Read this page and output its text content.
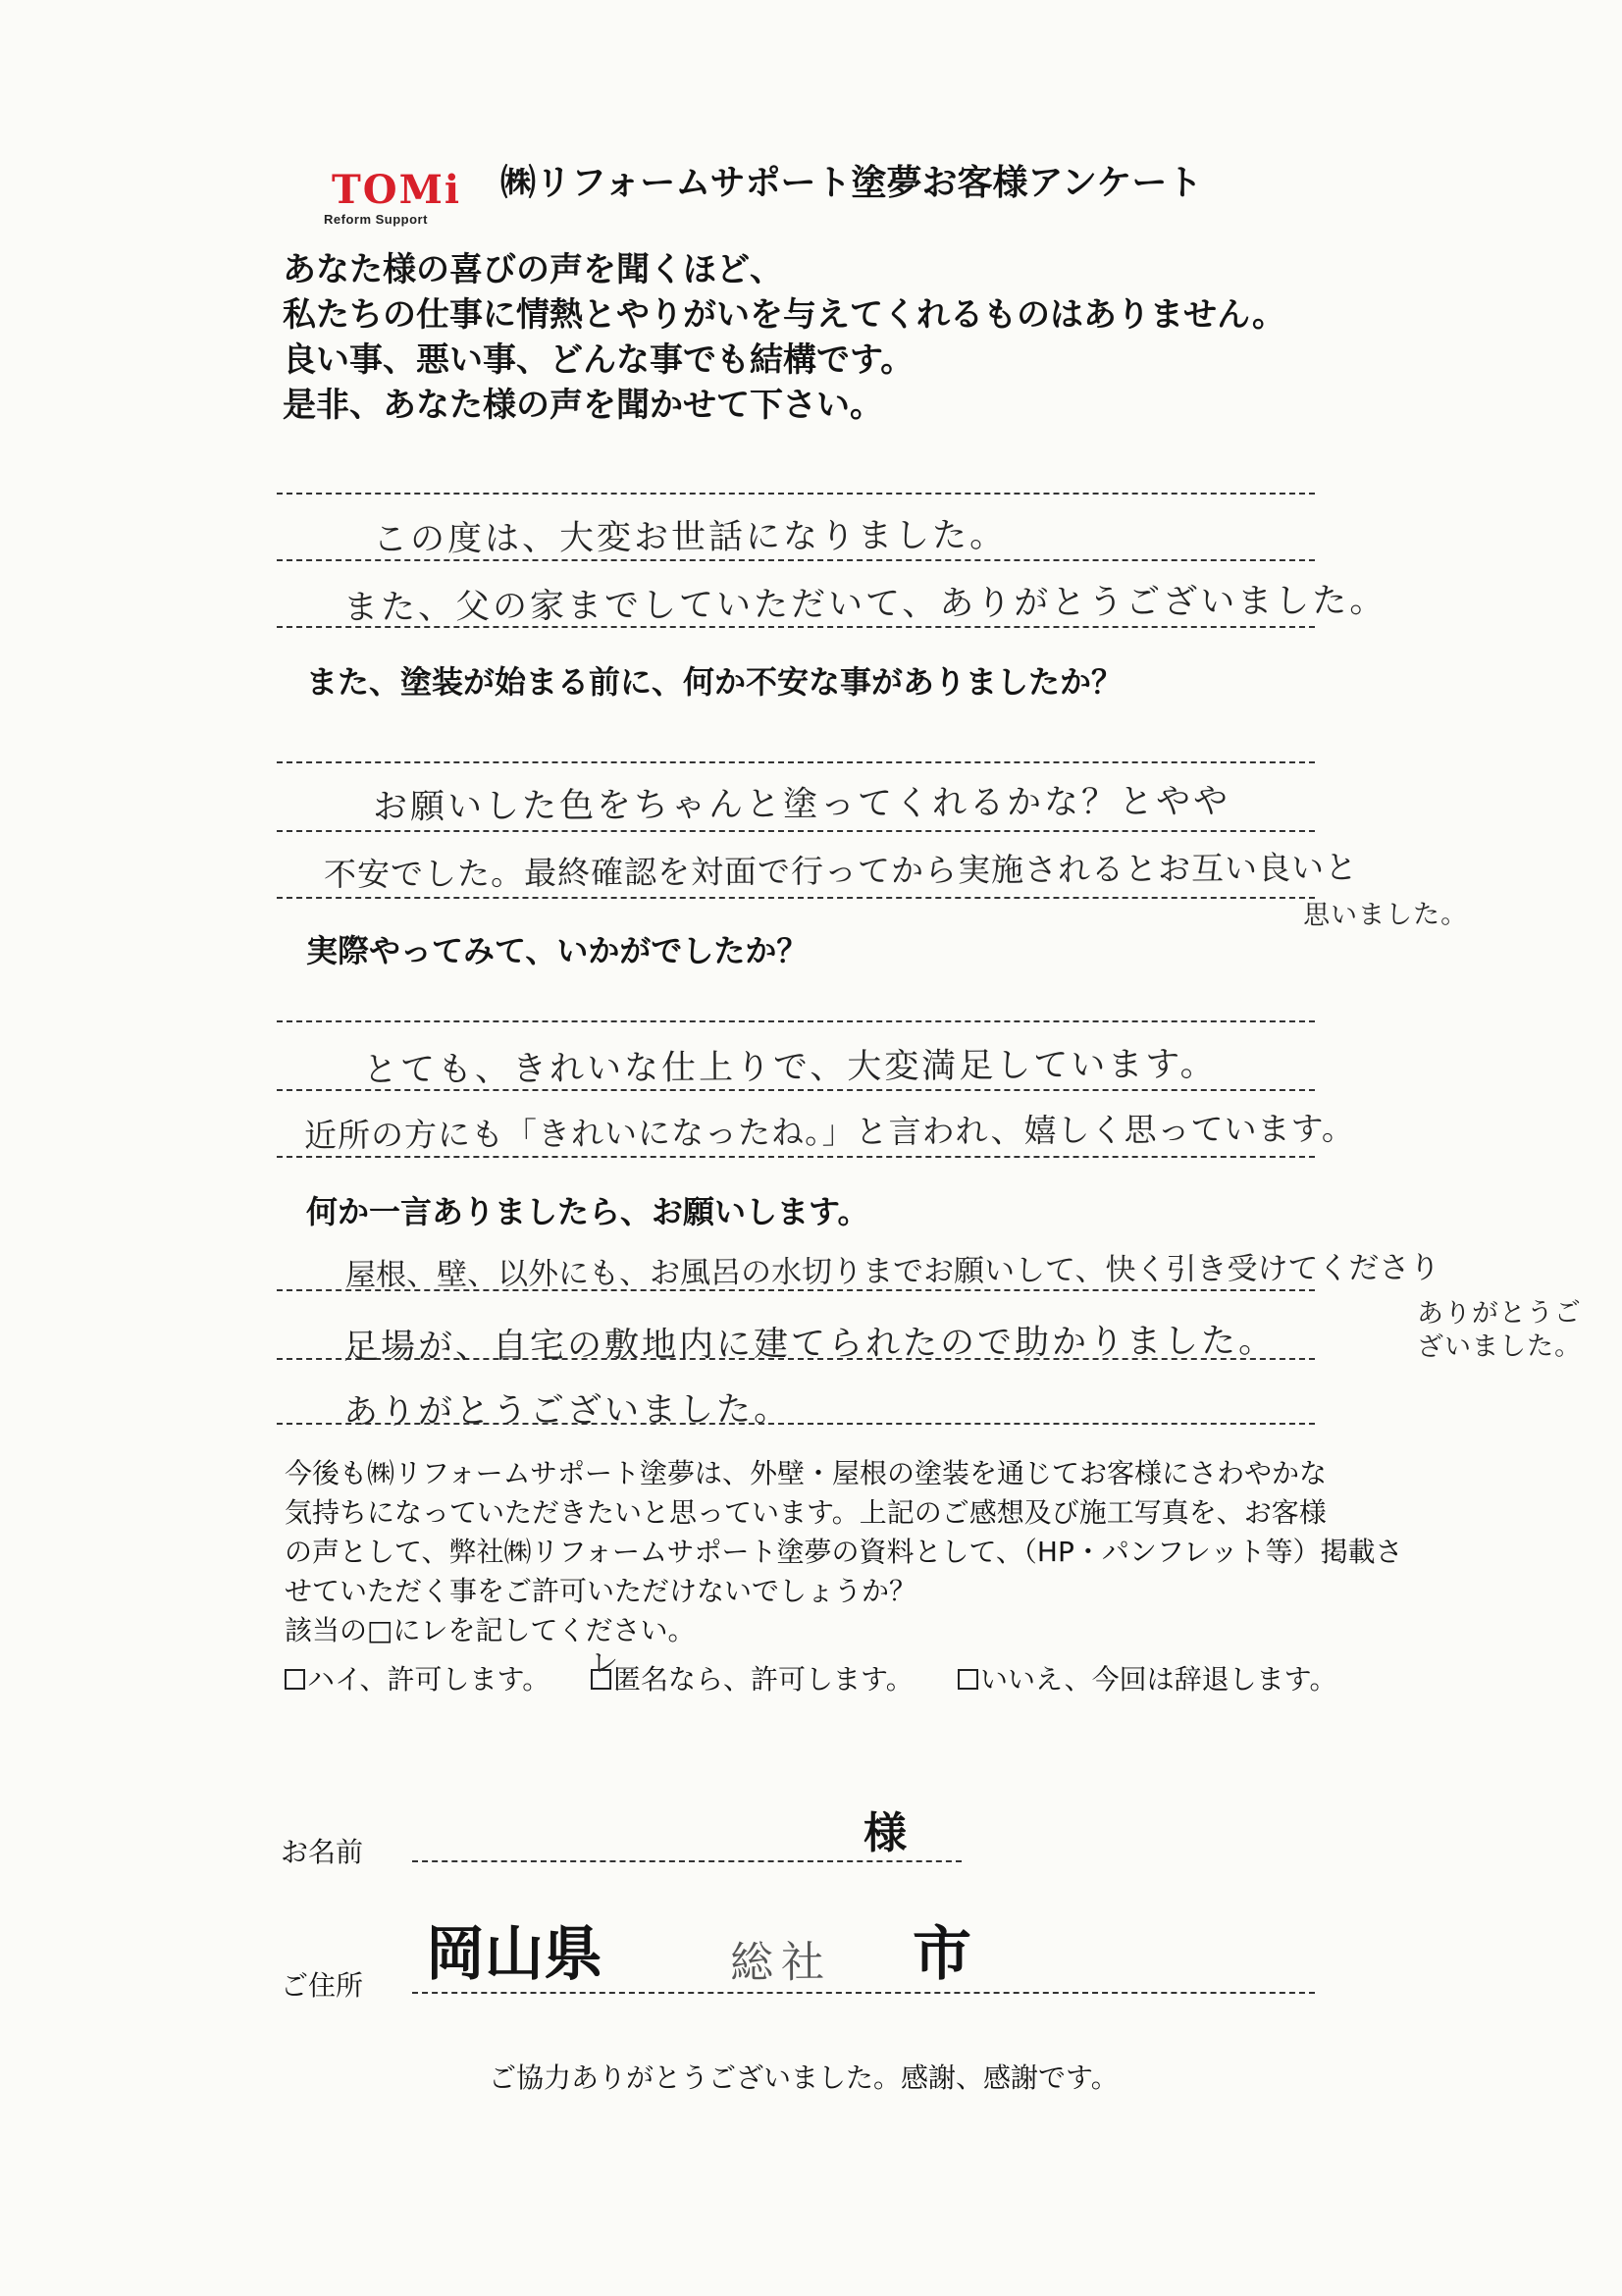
TOMi
Reform Support
㈱リフォームサポート塗夢お客様アンケート
あなた様の喜びの声を聞くほど、
私たちの仕事に情熱とやりがいを与えてくれるものはありません。
良い事、悪い事、どんな事でも結構です。
是非、あなた様の声を聞かせて下さい。
この度は、大変お世話になりました。
また、父の家までしていただいて、ありがとうございました。
また、塗装が始まる前に、何か不安な事がありましたか？
お願いした色をちゃんと塗ってくれるかな？とやや
不安でした。最終確認を対面で行ってから実施されるとお互い良いと
思いました。
実際やってみて、いかがでしたか？
とても、きれいな仕上りで、大変満足しています。
近所の方にも「きれいになったね。」と言われ、嬉しく思っています。
何か一言ありましたら、お願いします。
屋根、壁、以外にも、お風呂の水切りまでお願いして、快く引き受けてくださり
足場が、自宅の敷地内に建てられたので助かりました。
ありがとうございました。
ありがとうございました。
今後も㈱リフォームサポート塗夢は、外壁・屋根の塗装を通じてお客様にさわやかな
気持ちになっていただきたいと思っています。上記のご感想及び施工写真を、お客様
の声として、弊社㈱リフォームサポート塗夢の資料として、（HP・パンフレット等）掲載さ
せていただく事をご許可いただけないでしょうか？
該当の□にレを記してください。
ハイ、許可します。
レ
匿名なら、許可します。	いいえ、今回は辞退します。
お名前	様
ご住所 岡山県	総社 市
ご協力ありがとうございました。感謝、感謝です。
